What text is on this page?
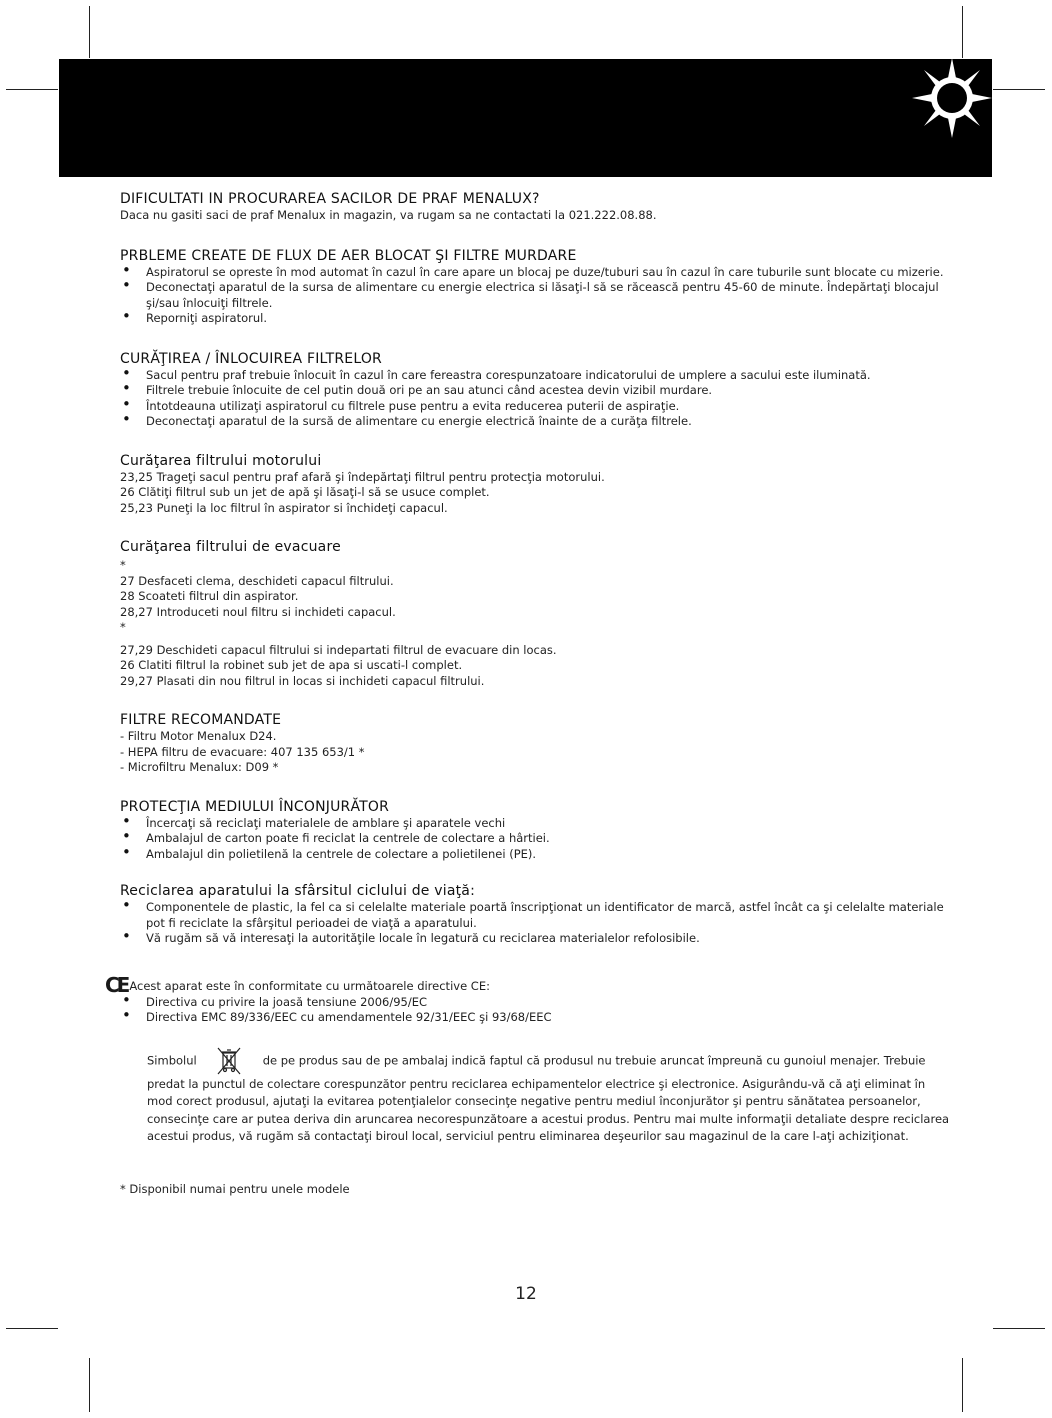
DIFICULTATI IN PROCURAREA SACILOR DE PRAF MENALUX?

Daca nu gasiti saci de praf Menalux in magazin, va rugam sa ne contactati la 021.222.08.88.

PRBLEME CREATE DE FLUX DE AER BLOCAT ŞI FILTRE MURDARE
• Aspiratorul se opreste în mod automat în cazul în care apare un blocaj pe duze/tuburi sau în cazul în care tuburile sunt blocate cu mizerie.
• Deconectaţi aparatul de la sursa de alimentare cu energie electrica si lăsaţi-l să se răcească pentru 45-60 de minute. Îndepărtaţi blocajul şi/sau înlocuiţi filtrele.
• Reporniţi aspiratorul.
CURĂŢIREA / ÎNLOCUIREA FILTRELOR
• Sacul pentru praf trebuie înlocuit în cazul în care fereastra corespunzatoare indicatorului de umplere a sacului este iluminată.
• Filtrele trebuie înlocuite de cel putin două ori pe an sau atunci când acestea devin vizibil murdare.
• Întotdeauna utilizaţi aspiratorul cu filtrele puse pentru a evita reducerea puterii de aspiraţie.
• Deconectaţi aparatul de la sursă de alimentare cu energie electrică înainte de a curăţa filtrele.
Curăţarea filtrului motorului
23,25 Trageţi sacul pentru praf afară şi îndepărtaţi filtrul pentru protecţia motorului.
26 Clătiţi filtrul sub un jet de apă şi lăsaţi-l să se usuce complet.
25,23 Puneţi la loc filtrul în aspirator si închideţi capacul.
Curăţarea filtrului de evacuare
*
27 Desfaceti clema, deschideti capacul filtrului.
28 Scoateti filtrul din aspirator.
28,27 Introduceti noul filtru si inchideti capacul.
*
27,29 Deschideti capacul filtrului si indepartati filtrul de evacuare din locas.
26 Clatiti filtrul la robinet sub jet de apa si uscati-l complet.
29,27 Plasati din nou filtrul in locas si inchideti capacul filtrului.
FILTRE RECOMANDATE
- Filtru Motor Menalux D24.
- HEPA filtru de evacuare: 407 135 653/1 *
- Microfiltru Menalux: D09 *
PROTECŢIA MEDIULUI ÎNCONJURĂTOR
• Încercaţi să reciclaţi materialele de amblare şi aparatele vechi
• Ambalajul de carton poate fi reciclat la centrele de colectare a hârtiei.
• Ambalajul din polietilenă la centrele de colectare a polietilenei (PE).
Reciclarea aparatului la sfârsitul ciclului de viaţă:
• Componentele de plastic, la fel ca si celelalte materiale poartă înscripţionat un identificator de marcă, astfel încât ca şi celelalte materiale pot fi reciclate la sfârşitul perioadei de viaţă a aparatului.
• Vă rugăm să vă interesaţi la autorităţile locale în legatură cu reciclarea materialelor refolosibile.
CE Acest aparat este în conformitate cu următoarele directive CE:
• Directiva cu privire la joasă tensiune 2006/95/EC
• Directiva EMC 89/336/EEC cu amendamentele 92/31/EEC şi 93/68/EEC
Simbolul	de pe produs sau de pe ambalaj indică faptul că produsul nu trebuie aruncat împreună cu gunoiul menajer. Trebuie predat la punctul de colectare corespunzător pentru reciclarea echipamentelor electrice şi electronice. Asigurându-vă că aţi eliminat în mod corect produsul, ajutaţi la evitarea potenţialelor consecinţe negative pentru mediul înconjurător şi pentru sănătatea persoanelor, consecinţe care ar putea deriva din aruncarea necorespunzătoare a acestui produs. Pentru mai multe informaţii detaliate despre reciclarea acestui produs, vă rugăm să contactaţi biroul local, serviciul pentru eliminarea deşeurilor sau magazinul de la care l-aţi achiziţionat.
* Disponibil numai pentru unele modele
12
